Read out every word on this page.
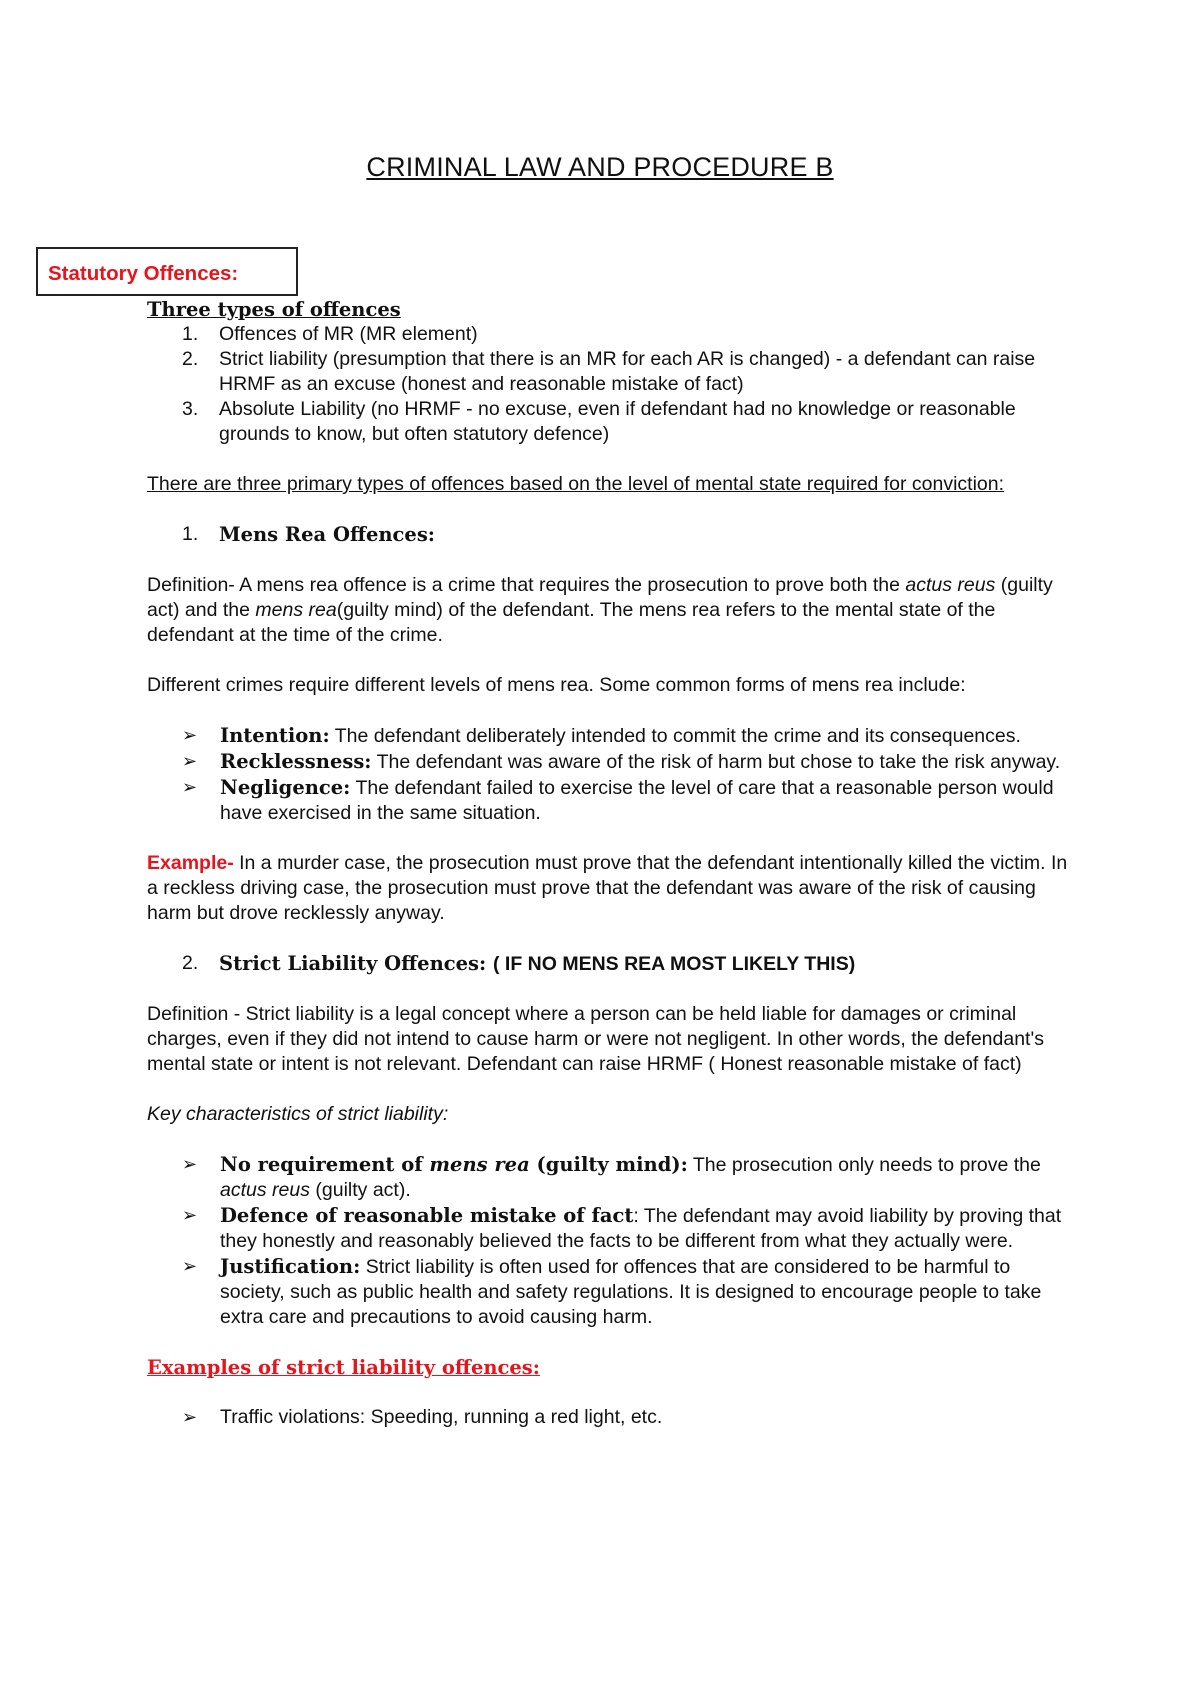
CRIMINAL LAW AND PROCEDURE B
Statutory Offences:

Three types of offences

1. Offences of MR (MR element)
2. Strict liability (presumption that there is an MR for each AR is changed) - a defendant can raise HRMF as an excuse (honest and reasonable mistake of fact)
3. Absolute Liability (no HRMF - no excuse, even if defendant had no knowledge or reasonable grounds to know, but often statutory defence)

There are three primary types of offences based on the level of mental state required for conviction:

1. Mens Rea Offences:

Definition- A mens rea offence is a crime that requires the prosecution to prove both the actus reus (guilty act) and the mens rea(guilty mind) of the defendant. The mens rea refers to the mental state of the defendant at the time of the crime.

Different crimes require different levels of mens rea. Some common forms of mens rea include:

➢ Intention: The defendant deliberately intended to commit the crime and its consequences.
➢ Recklessness: The defendant was aware of the risk of harm but chose to take the risk anyway.
➢ Negligence: The defendant failed to exercise the level of care that a reasonable person would have exercised in the same situation.

Example- In a murder case, the prosecution must prove that the defendant intentionally killed the victim. In a reckless driving case, the prosecution must prove that the defendant was aware of the risk of causing harm but drove recklessly anyway.

2. Strict Liability Offences: ( IF NO MENS REA MOST LIKELY THIS)

Definition - Strict liability is a legal concept where a person can be held liable for damages or criminal charges, even if they did not intend to cause harm or were not negligent. In other words, the defendant's mental state or intent is not relevant. Defendant can raise HRMF ( Honest reasonable mistake of fact)

Key characteristics of strict liability:

➢ No requirement of mens rea (guilty mind): The prosecution only needs to prove the actus reus (guilty act).
➢ Defence of reasonable mistake of fact: The defendant may avoid liability by proving that they honestly and reasonably believed the facts to be different from what they actually were.
➢ Justification: Strict liability is often used for offences that are considered to be harmful to society, such as public health and safety regulations. It is designed to encourage people to take extra care and precautions to avoid causing harm.

Examples of strict liability offences:

➢ Traffic violations: Speeding, running a red light, etc.
